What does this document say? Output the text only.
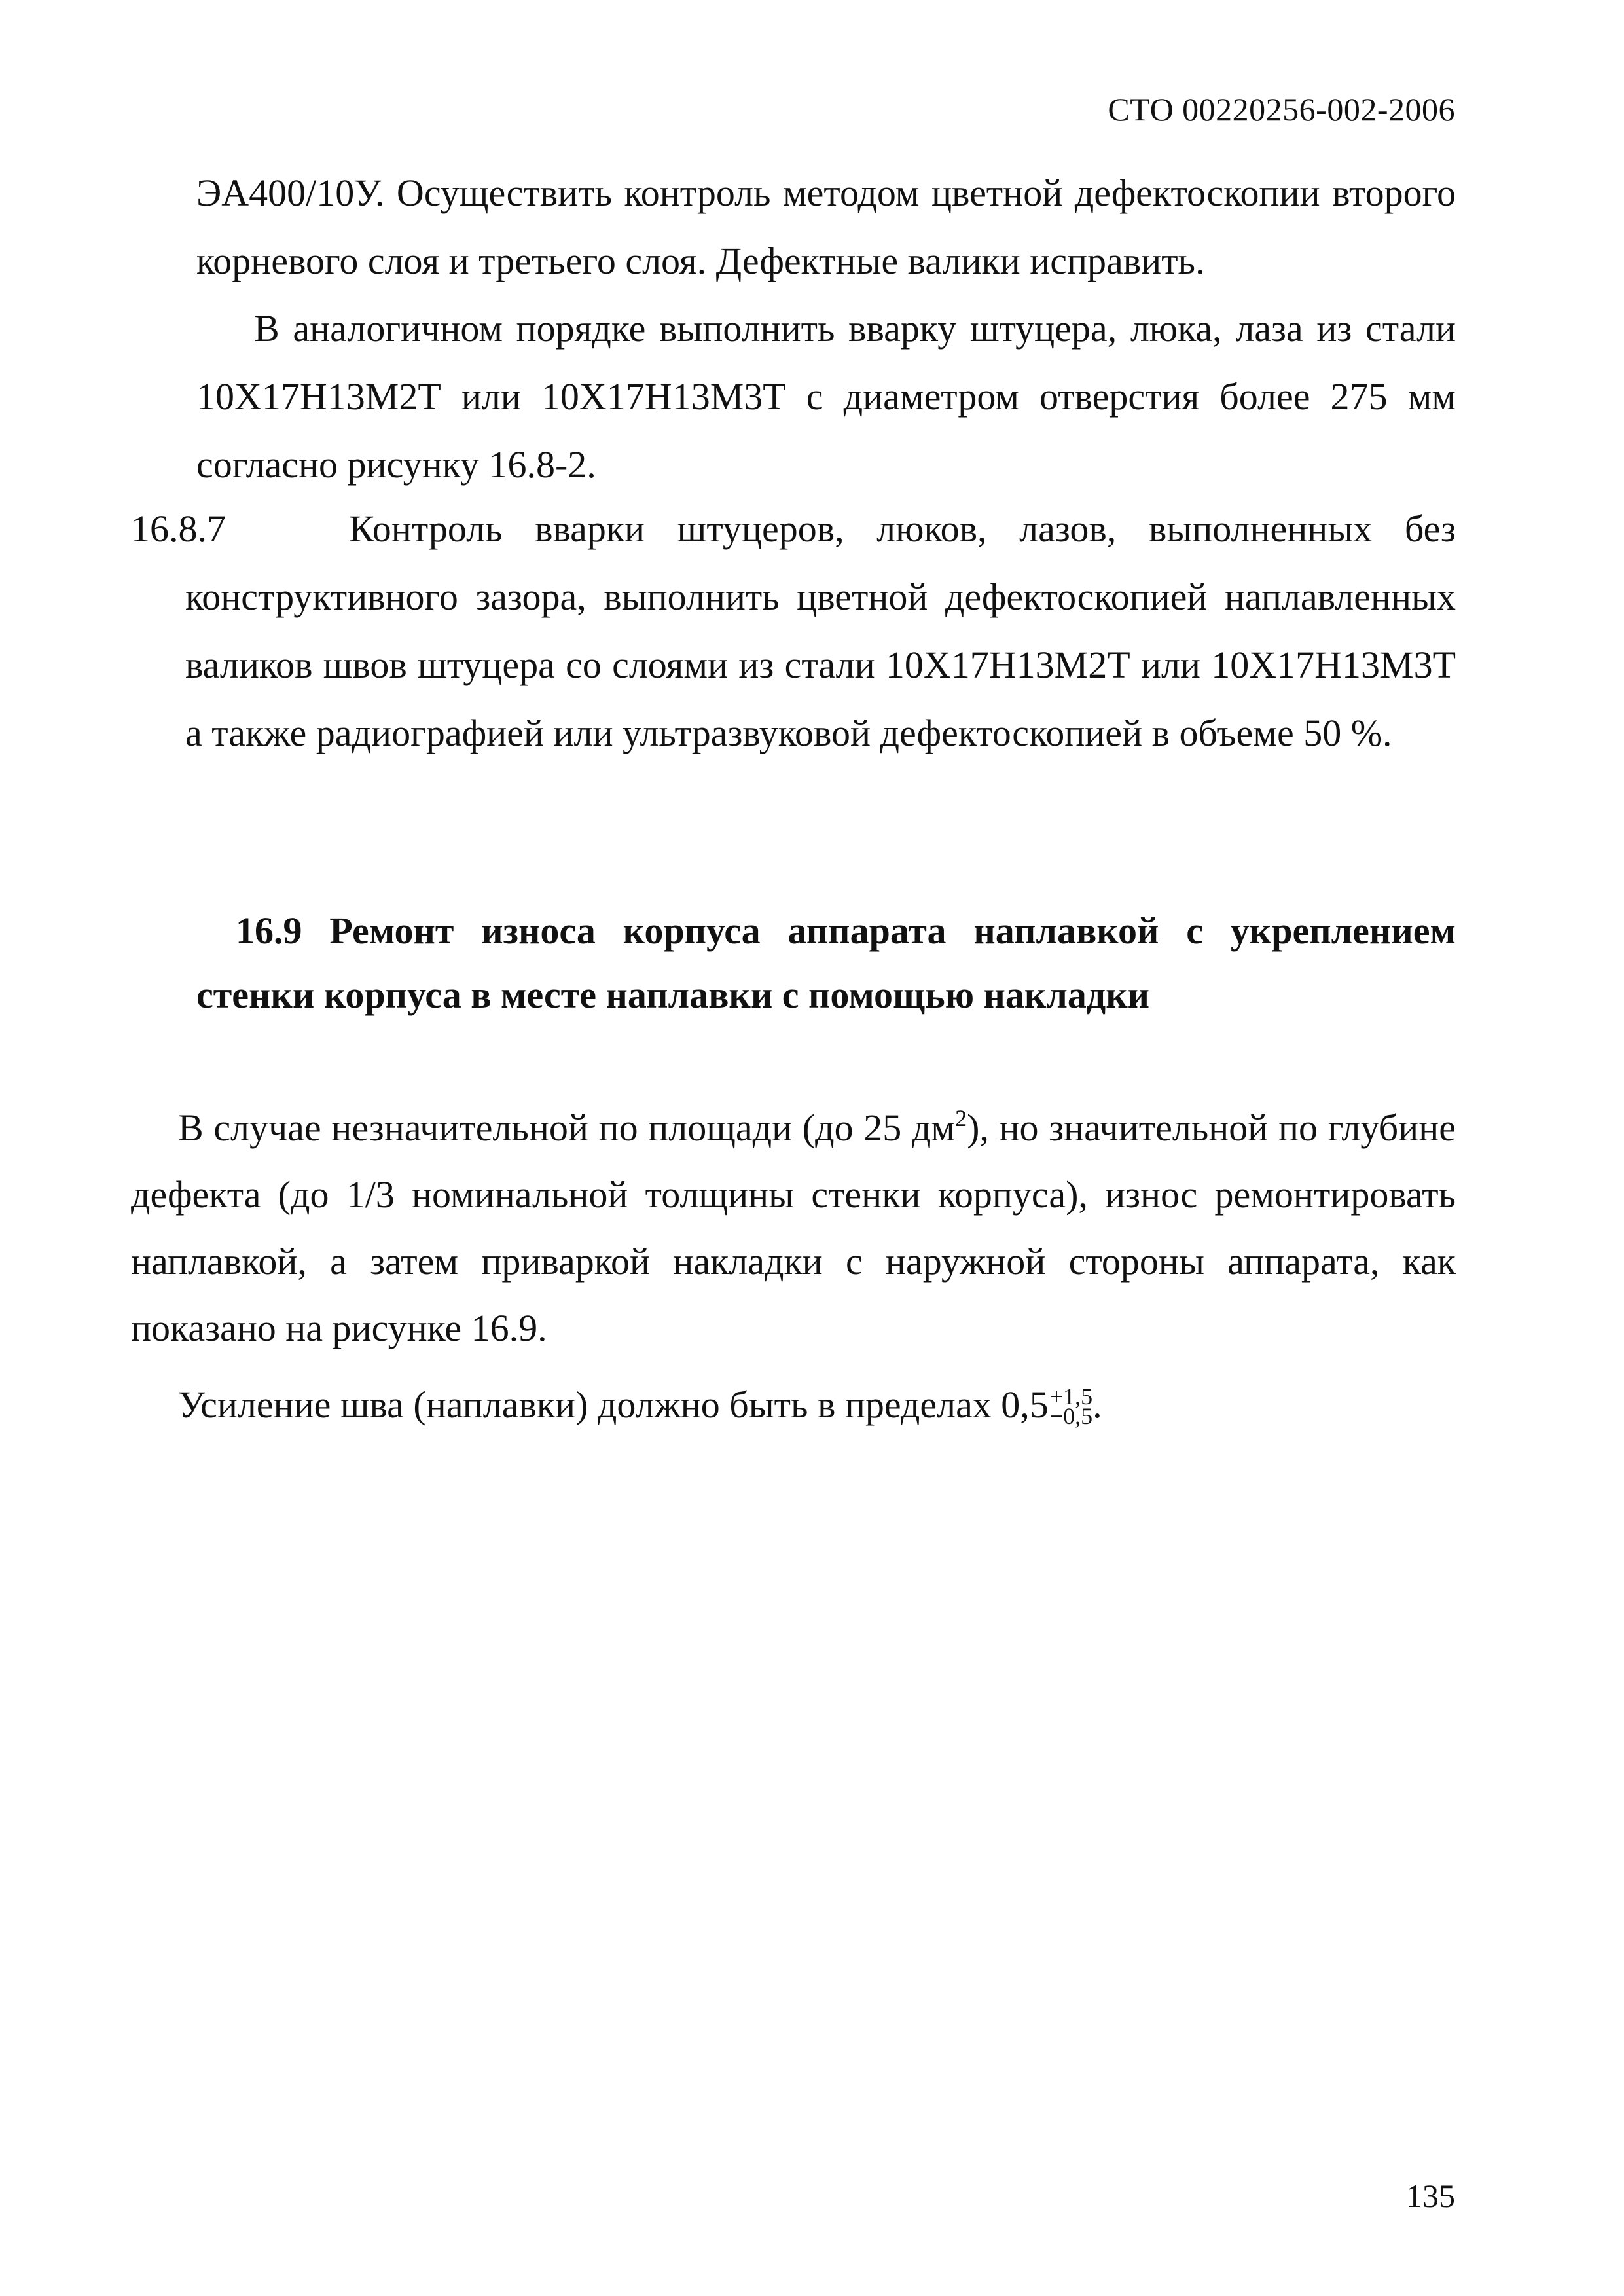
СТО 00220256-002-2006

ЭА400/10У. Осуществить контроль методом цветной дефектоскопии второго корневого слоя и третьего слоя. Дефектные валики исправить.

В аналогичном порядке выполнить вварку штуцера, люка, лаза из стали 10Х17Н13М2Т или 10Х17Н13М3Т с диаметром отверстия более 275 мм согласно рисунку 16.8-2.

16.8.7	Контроль вварки штуцеров, люков, лазов, выполненных без конструктивного зазора, выполнить цветной дефектоскопией наплавленных валиков швов штуцера со слоями из стали 10Х17Н13М2Т или 10Х17Н13М3Т а также радиографией или ультразвуковой дефектоскопией в объеме 50 %.

16.9 Ремонт износа корпуса аппарата наплавкой с укреплением стенки корпуса в месте наплавки с помощью накладки

В случае незначительной по площади (до 25 $дм^2$), но значительной по глубине дефекта (до 1/3 номинальной толщины стенки корпуса), износ ремонтировать наплавкой, а затем приваркой накладки с наружной стороны аппарата, как показано на рисунке 16.9.

Усиление шва (наплавки) должно быть в пределах 0,5 +1,5
−0,5 .

135
